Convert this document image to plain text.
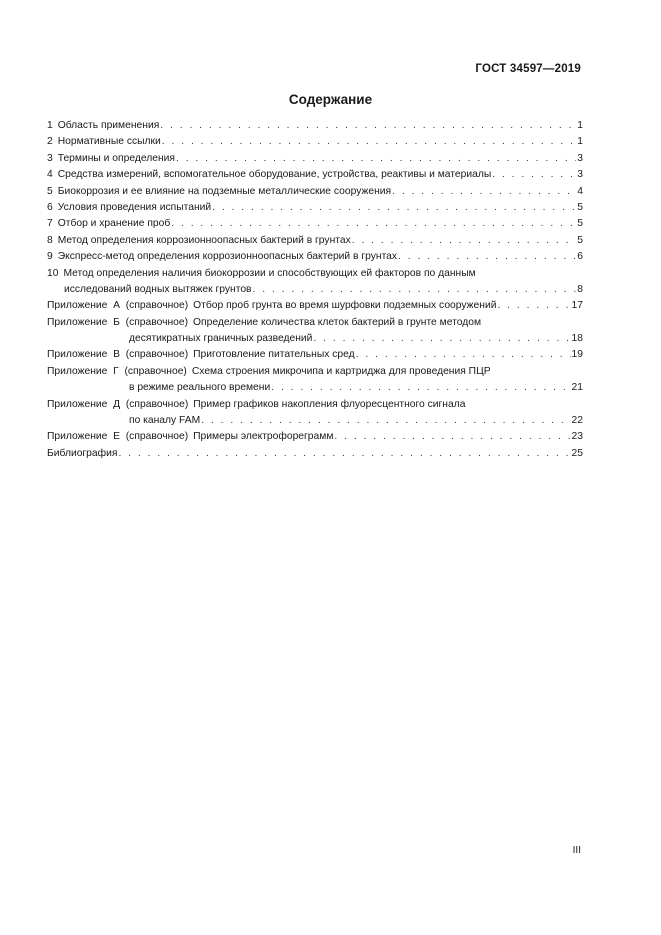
ГОСТ 34597—2019
Содержание
1 Область применения . . .	1
2 Нормативные ссылки . . .	1
3 Термины и определения . . .	3
4 Средства измерений, вспомогательное оборудование, устройства, реактивы и материалы . . .	3
5 Биокоррозия и ее влияние на подземные металлические сооружения . . .	4
6 Условия проведения испытаний . . .	5
7 Отбор и хранение проб . . .	5
8 Метод определения коррозионноопасных бактерий в грунтах . . .	5
9 Экспресс-метод определения коррозионноопасных бактерий в грунтах . . .	6
10 Метод определения наличия биокоррозии и способствующих ей факторов по данным
исследований водных вытяжек грунтов . . .	8
Приложение А (справочное) Отбор проб грунта во время шурфовки подземных сооружений . . .	17
Приложение Б (справочное) Определение количества клеток бактерий в грунте методом
десятикратных граничных разведений . . .	18
Приложение В (справочное) Приготовление питательных сред . . .	19
Приложение Г (справочное) Схема строения микрочипа и картриджа для проведения ПЦР
в режиме реального времени . . .	21
Приложение Д (справочное) Пример графиков накопления флуоресцентного сигнала
по каналу FAM . . .	22
Приложение Е (справочное) Примеры электрофореграмм . . .	23
Библиография . . .	25
III
